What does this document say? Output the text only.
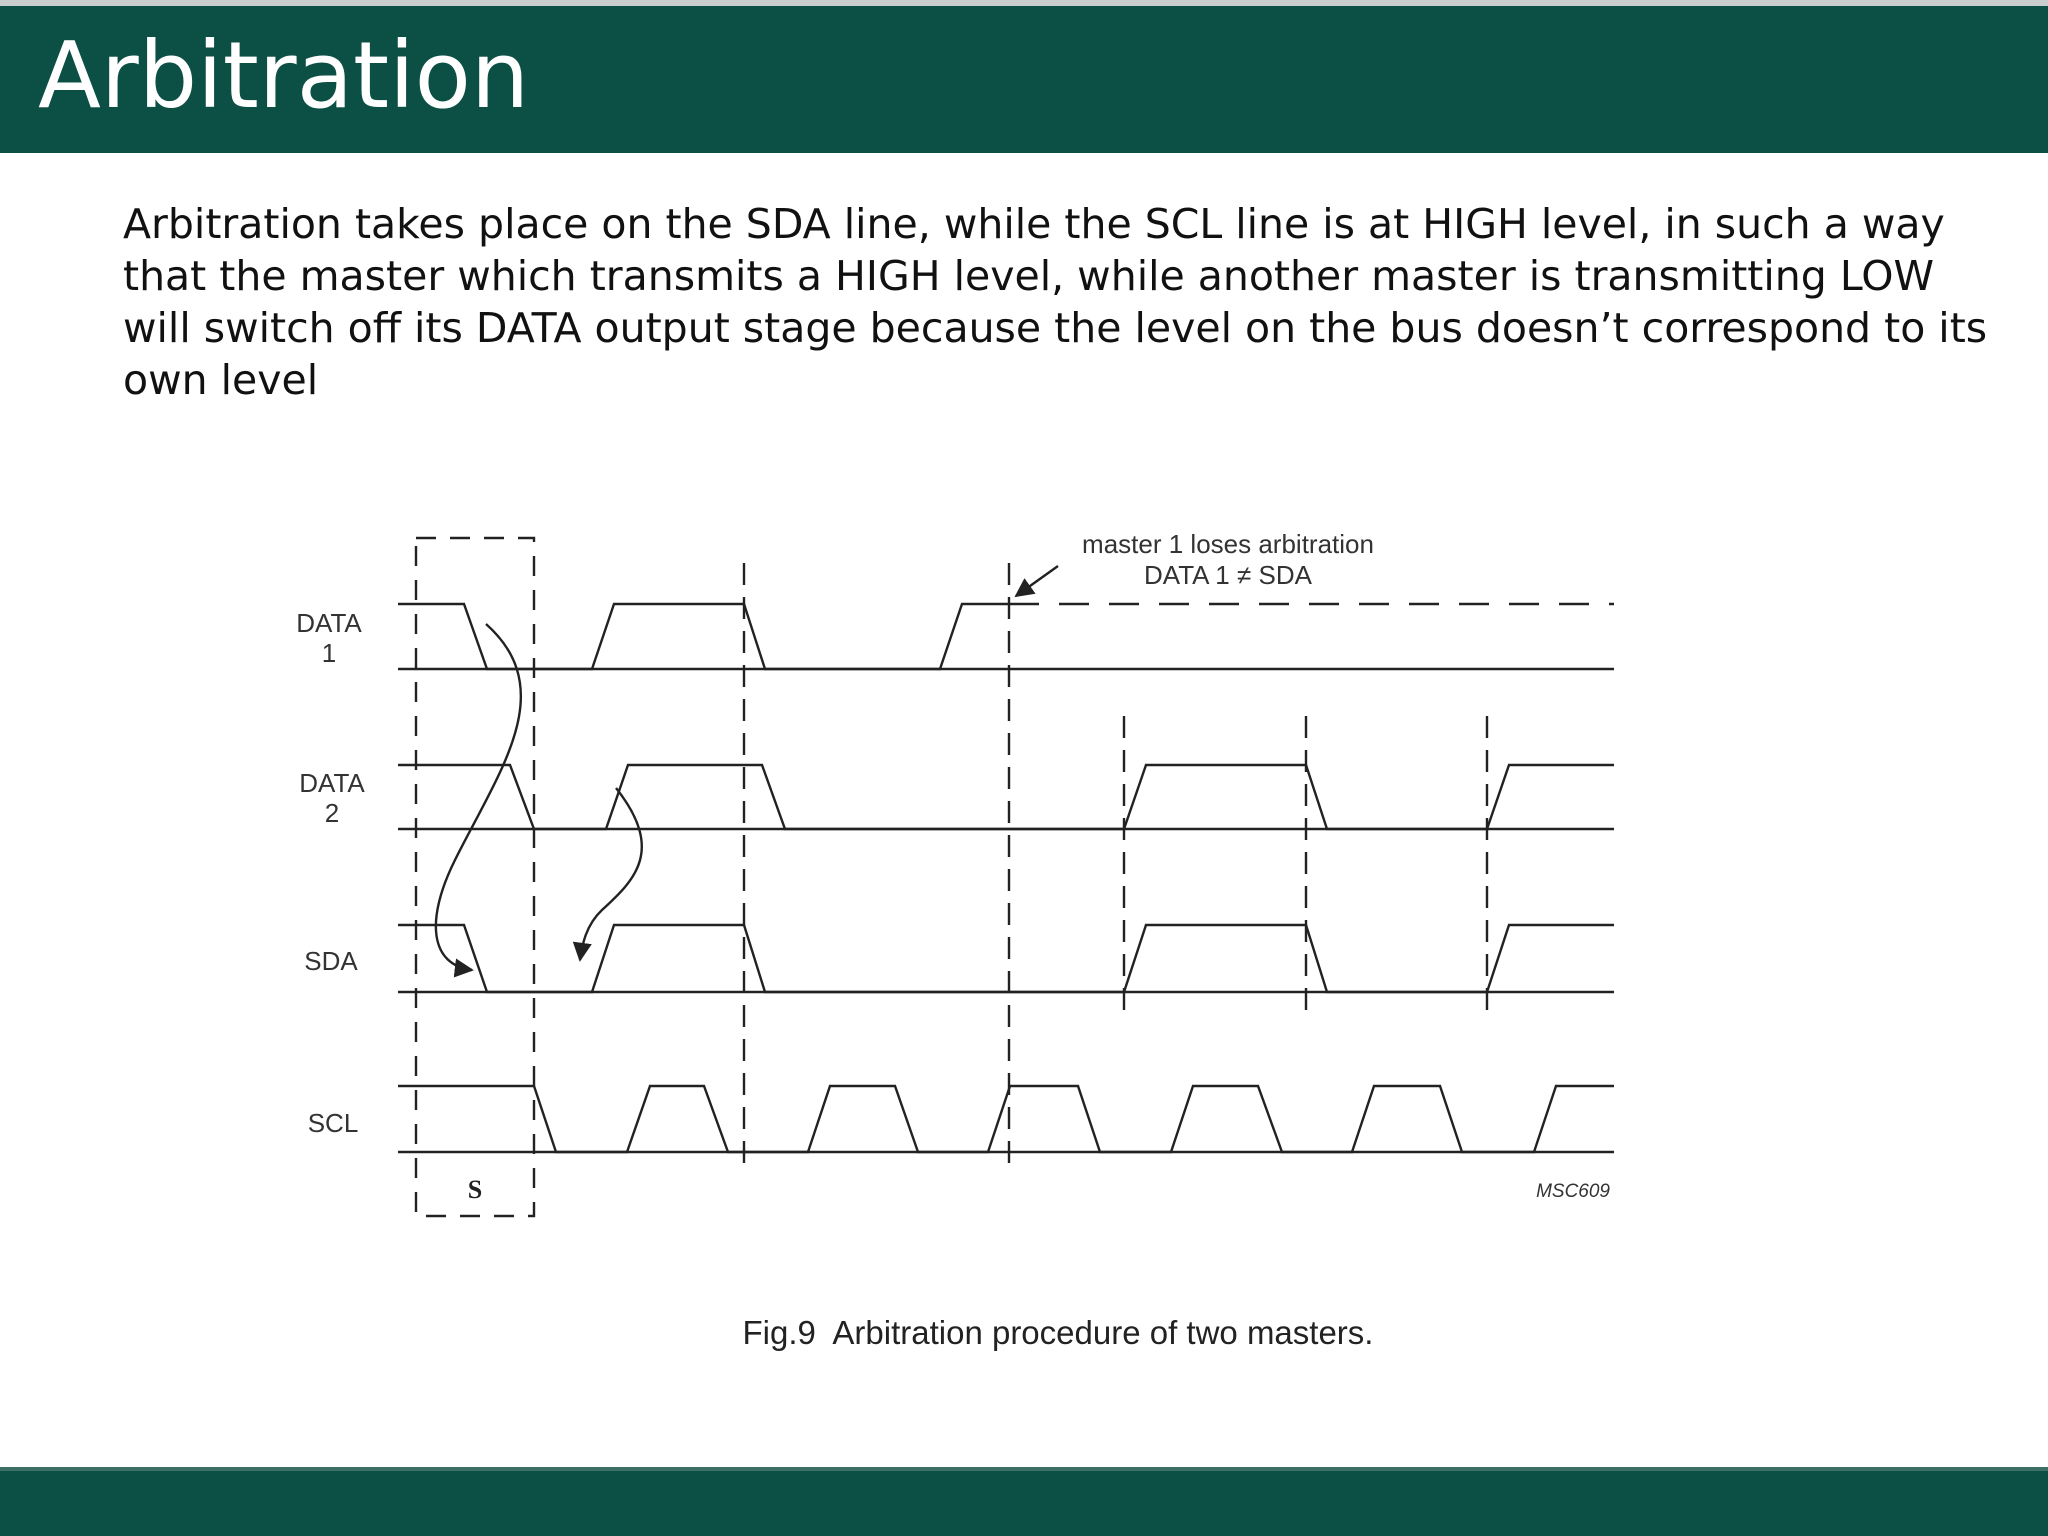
Arbitration

Arbitration takes place on the SDA line, while the SCL line is at HIGH level, in such a way that the master which transmits a HIGH level, while another master is transmitting LOW will switch off its DATA output stage because the level on the bus doesn’t correspond to its own level

DATA
1
DATA
2
SDA
SCL
S
master 1 loses arbitration
DATA 1 ≠ SDA
MSC609
Fig.9  Arbitration procedure of two masters.
